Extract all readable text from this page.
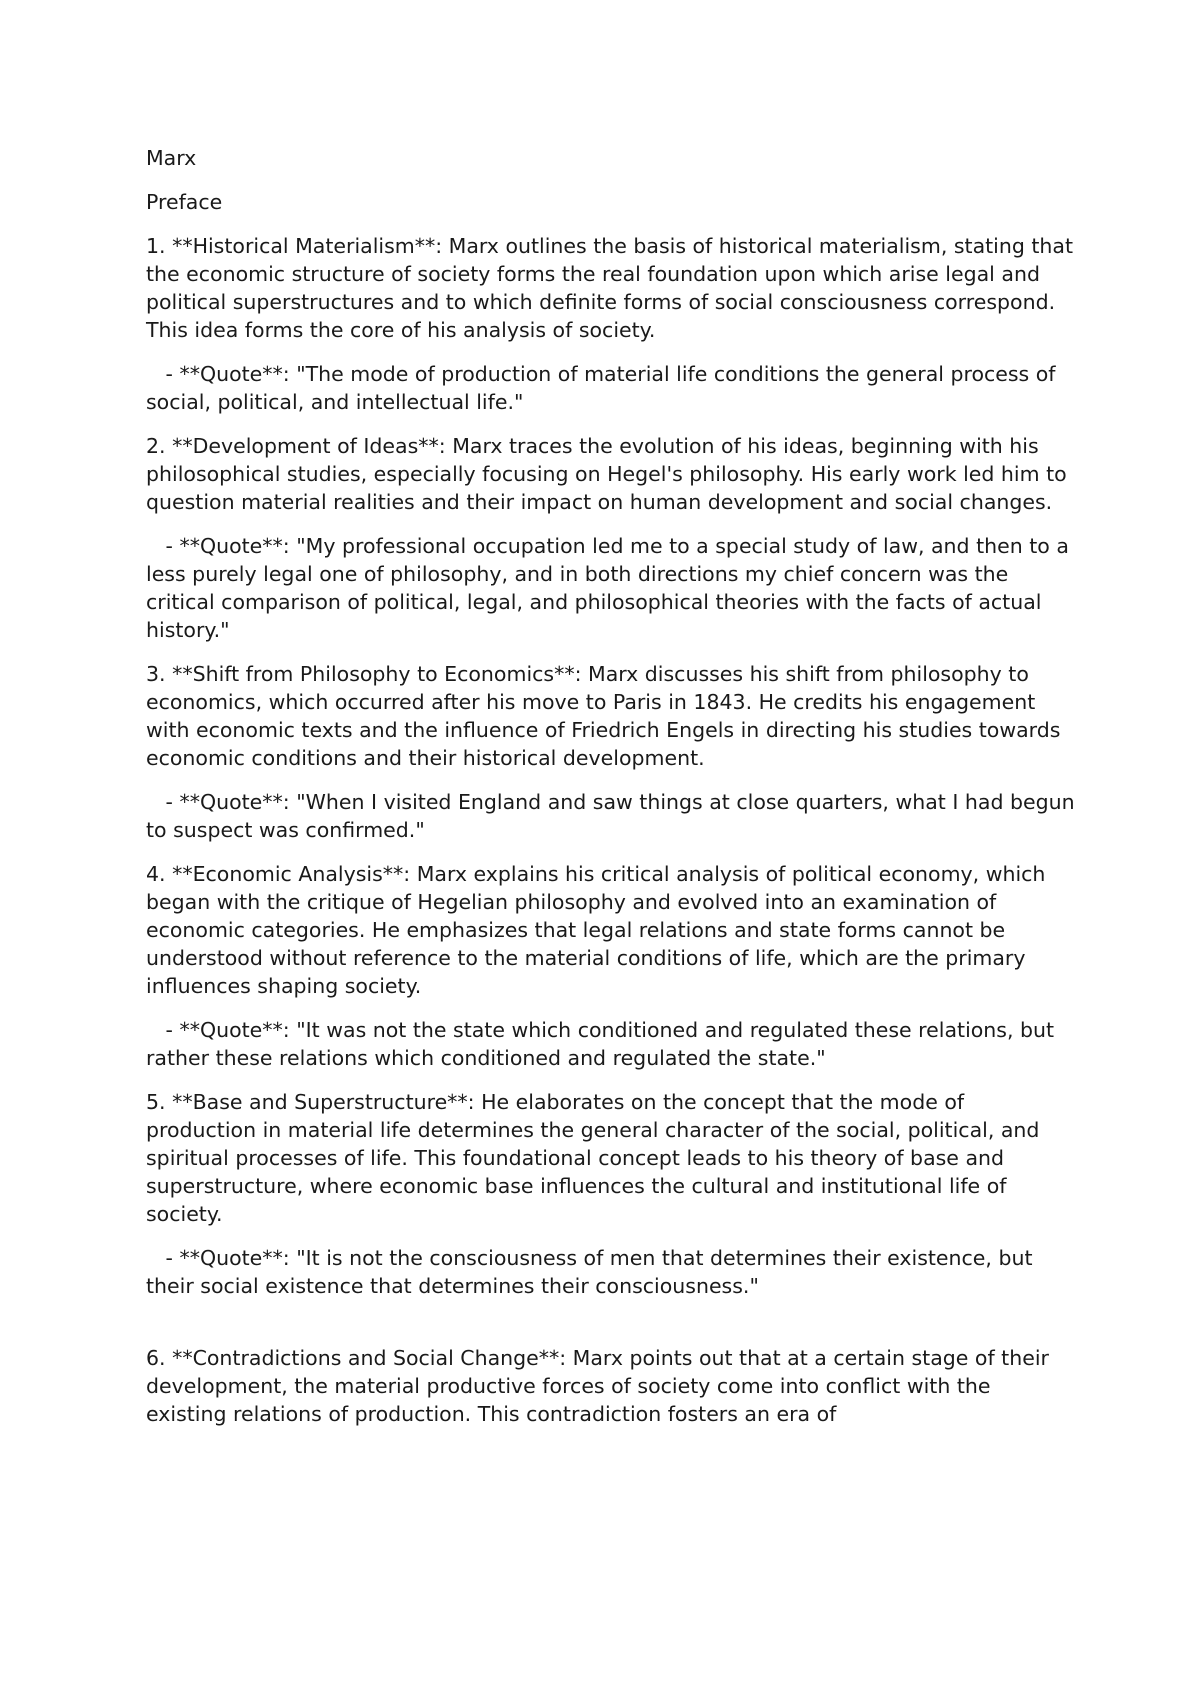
Marx

Preface

1. **Historical Materialism**: Marx outlines the basis of historical materialism, stating that the economic structure of society forms the real foundation upon which arise legal and political superstructures and to which definite forms of social consciousness correspond. This idea forms the core of his analysis of society.

- **Quote**: "The mode of production of material life conditions the general process of social, political, and intellectual life."

2. **Development of Ideas**: Marx traces the evolution of his ideas, beginning with his philosophical studies, especially focusing on Hegel's philosophy. His early work led him to question material realities and their impact on human development and social changes.

- **Quote**: "My professional occupation led me to a special study of law, and then to a less purely legal one of philosophy, and in both directions my chief concern was the critical comparison of political, legal, and philosophical theories with the facts of actual history."

3. **Shift from Philosophy to Economics**: Marx discusses his shift from philosophy to economics, which occurred after his move to Paris in 1843. He credits his engagement with economic texts and the influence of Friedrich Engels in directing his studies towards economic conditions and their historical development.

- **Quote**: "When I visited England and saw things at close quarters, what I had begun to suspect was confirmed."

4. **Economic Analysis**: Marx explains his critical analysis of political economy, which began with the critique of Hegelian philosophy and evolved into an examination of economic categories. He emphasizes that legal relations and state forms cannot be understood without reference to the material conditions of life, which are the primary influences shaping society.

- **Quote**: "It was not the state which conditioned and regulated these relations, but rather these relations which conditioned and regulated the state."

5. **Base and Superstructure**: He elaborates on the concept that the mode of production in material life determines the general character of the social, political, and spiritual processes of life. This foundational concept leads to his theory of base and superstructure, where economic base influences the cultural and institutional life of society.

- **Quote**: "It is not the consciousness of men that determines their existence, but their social existence that determines their consciousness."

6. **Contradictions and Social Change**: Marx points out that at a certain stage of their development, the material productive forces of society come into conflict with the existing relations of production. This contradiction fosters an era of
